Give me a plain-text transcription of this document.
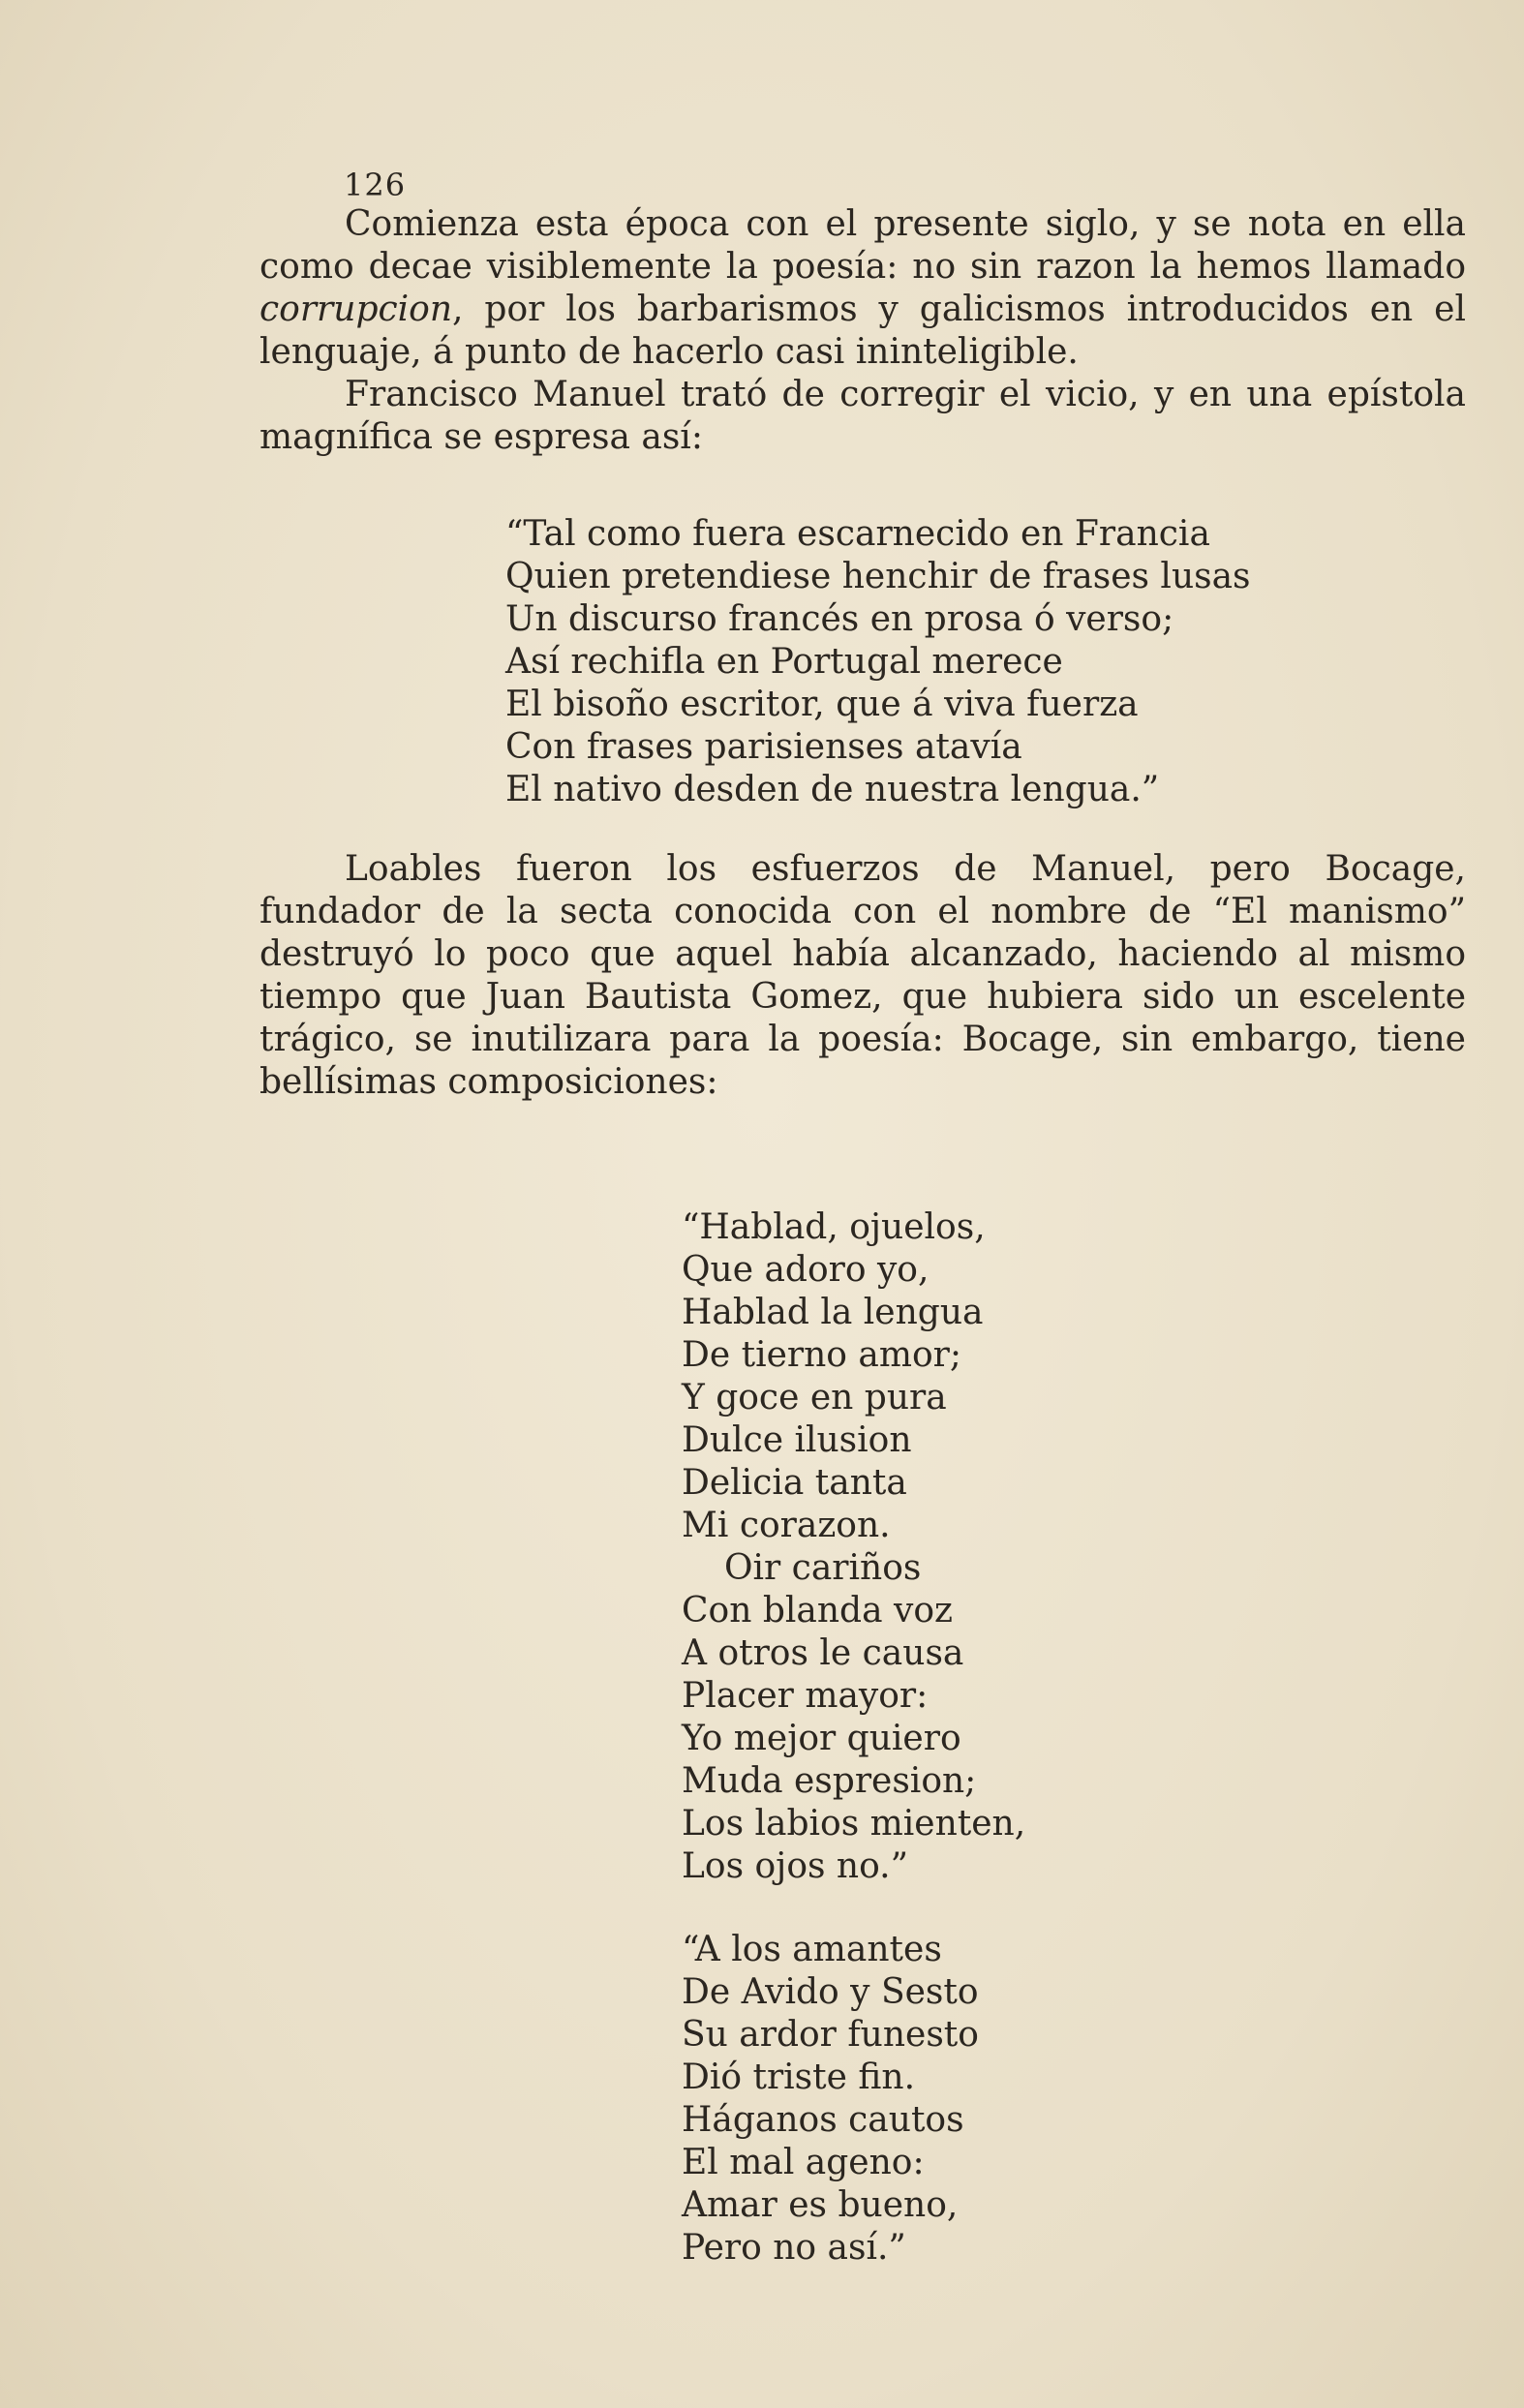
126

Comienza esta época con el presente siglo, y se nota en ella como decae visiblemente la poesía: no sin razon la hemos llamado corrupcion, por los barbarismos y galicismos introducidos en el lenguaje, á punto de hacerlo casi ininteligible.

Francisco Manuel trató de corregir el vicio, y en una epístola magnífica se espresa así:

“Tal como fuera escarnecido en Francia
Quien pretendiese henchir de frases lusas
Un discurso francés en prosa ó verso;
Así rechifla en Portugal merece
El bisoño escritor, que á viva fuerza
Con frases parisienses atavía
El nativo desden de nuestra lengua.”

Loables fueron los esfuerzos de Manuel, pero Bocage, fundador de la secta conocida con el nombre de “El manismo” destruyó lo poco que aquel había alcanzado, haciendo al mismo tiempo que Juan Bautista Gomez, que hubiera sido un escelente trágico, se inutilizara para la poesía: Bocage, sin embargo, tiene bellísimas composiciones:

“Hablad, ojuelos,
Que adoro yo,
Hablad la lengua
De tierno amor;
Y goce en pura
Dulce ilusion
Delicia tanta
Mi corazon.
Oir cariños
Con blanda voz
A otros le causa
Placer mayor:
Yo mejor quiero
Muda espresion;
Los labios mienten,
Los ojos no.”
“A los amantes
De Avido y Sesto
Su ardor funesto
Dió triste fin.
Háganos cautos
El mal ageno:
Amar es bueno,
Pero no así.”
